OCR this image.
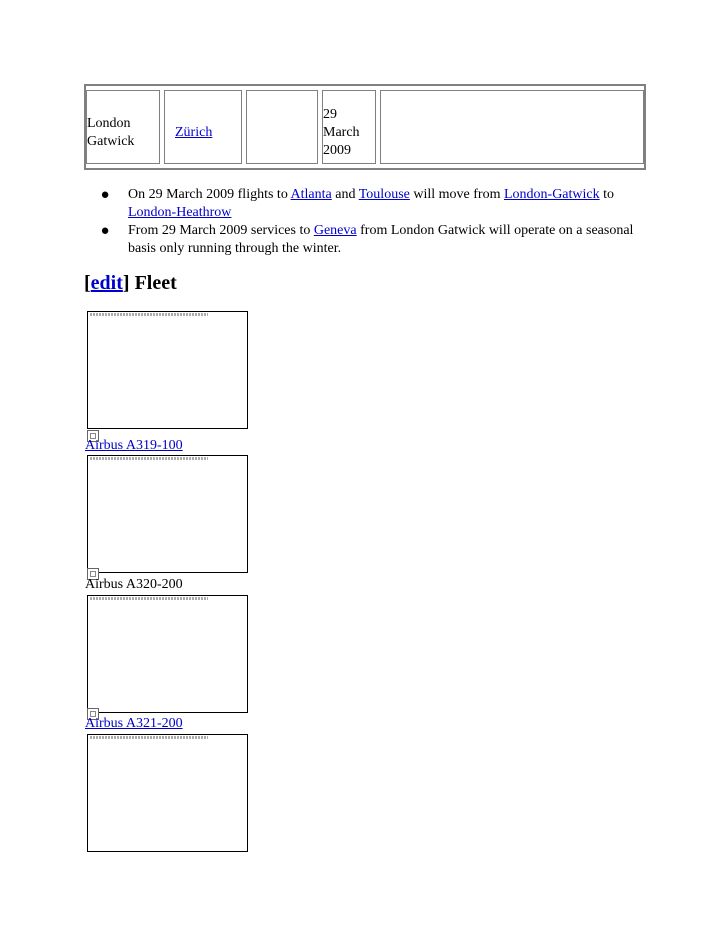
London Gatwick
Zürich
29 March 2009
● On 29 March 2009 flights to Atlanta and Toulouse will move from London-Gatwick to London-Heathrow
● From 29 March 2009 services to Geneva from London Gatwick will operate on a seasonal basis only running through the winter.
[edit] Fleet
Airbus A319-100
Airbus A320-200
Airbus A321-200
